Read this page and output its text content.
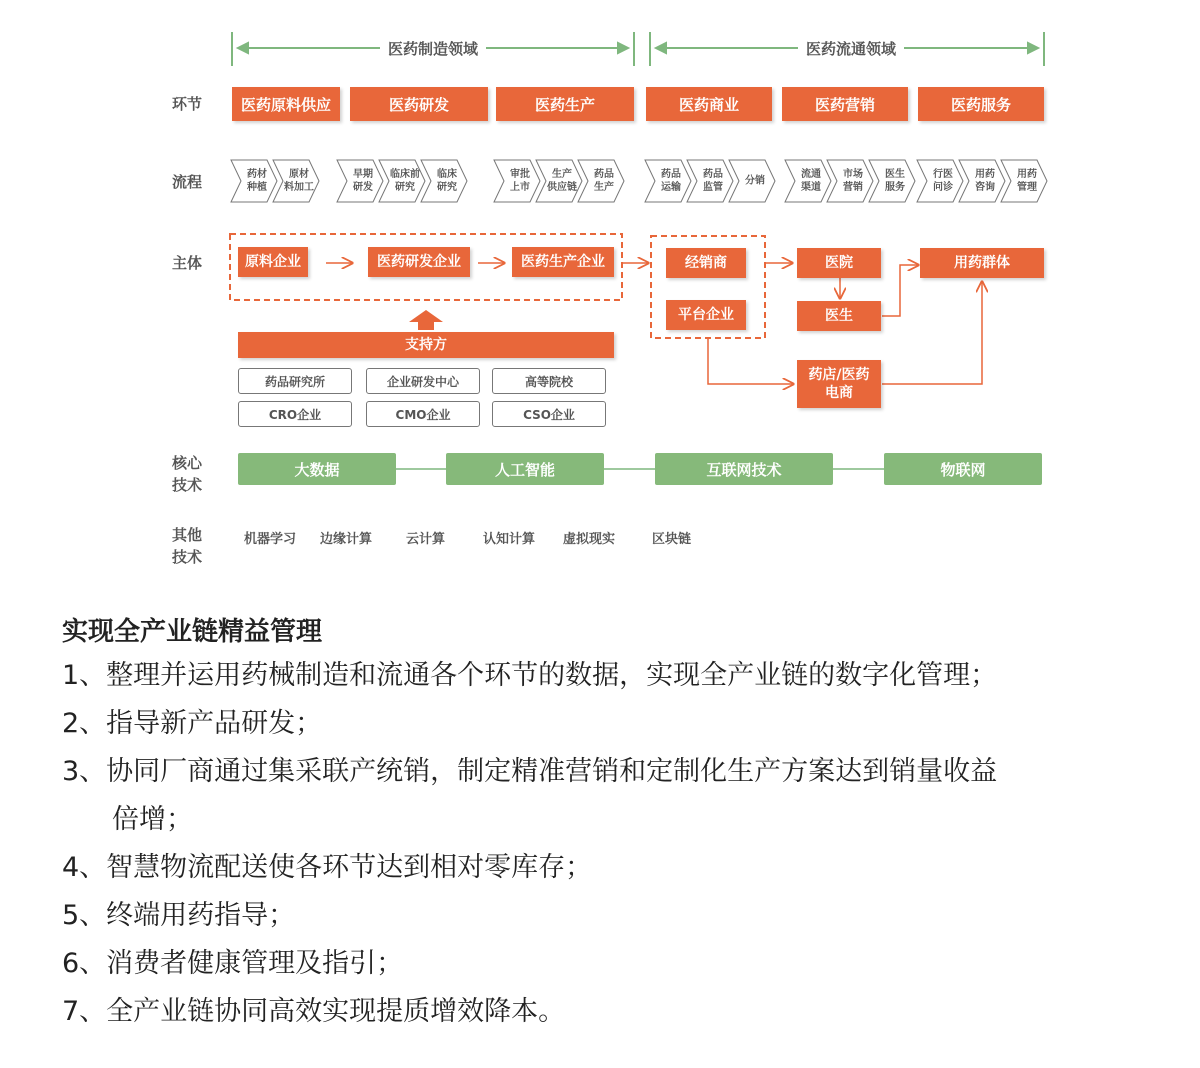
医药制造领域	医药流通领域
环节
流程
主体
核心
技术
其他
技术
医药原料供应	医药研发	医药生产	医药商业	医药营销	医药服务
药材
种植
原材
料加工
早期
研发
临床前
研究
临床
研究
审批
上市
生产
供应链
药品
生产
药品
运输
药品
监管
分销
流通
渠道
市场
营销
医生
服务
行医
问诊
用药
咨询
用药
管理
原料企业	医药研发企业	医药生产企业	经销商
平台企业
医院
医生
药店/医药
电商
用药群体
支持方
药品研究所	企业研发中心	高等院校
CRO企业	CMO企业	CSO企业
大数据	人工智能	互联网技术	物联网
机器学习 边缘计算	云计算	认知计算 虚拟现实	区块链
实现全产业链精益管理
1、整理并运用药械制造和流通各个环节的数据，实现全产业链的数字化管理；
2、指导新产品研发；
3、协同厂商通过集采联产统销，制定精准营销和定制化生产方案达到销量收益
倍增；
4、智慧物流配送使各环节达到相对零库存；
5、终端用药指导；
6、消费者健康管理及指引；
7、全产业链协同高效实现提质增效降本。
